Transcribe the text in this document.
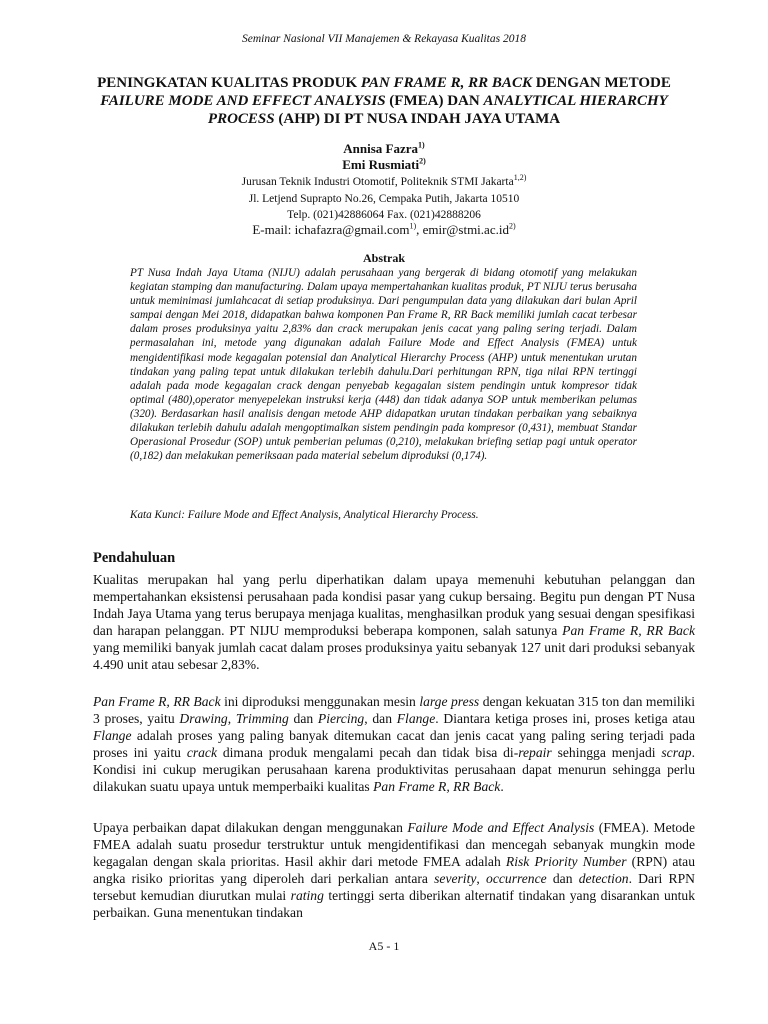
Seminar Nasional VII Manajemen & Rekayasa Kualitas 2018
PENINGKATAN KUALITAS PRODUK PAN FRAME R, RR BACK DENGAN METODE
FAILURE MODE AND EFFECT ANALYSIS (FMEA) DAN ANALYTICAL HIERARCHY
PROCESS (AHP) DI PT NUSA INDAH JAYA UTAMA
Annisa Fazra$^{1)}$
Emi Rusmiati$^{2)}$
Jurusan Teknik Industri Otomotif, Politeknik STMI Jakarta$^{1,2)}$
Jl. Letjend Suprapto No.26, Cempaka Putih, Jakarta 10510
Telp. (021)42886064 Fax. (021)42888206
E-mail: ichafazra@gmail.com$^{1)}$, $emir@stmi.ac.id^{2)}$
Abstrak

PT Nusa Indah Jaya Utama (NIJU) adalah perusahaan yang bergerak di bidang otomotif yang melakukan kegiatan stamping dan manufacturing. Dalam upaya mempertahankan kualitas produk, PT NIJU terus berusaha untuk meminimasi jumlahcacat di setiap produksinya. Dari pengumpulan data yang dilakukan dari bulan April sampai dengan Mei 2018, didapatkan bahwa komponen Pan Frame R, RR Back memiliki jumlah cacat terbesar dalam proses produksinya yaitu 2,83% dan crack merupakan jenis cacat yang paling sering terjadi. Dalam permasalahan ini, metode yang digunakan adalah Failure Mode and Effect Analysis (FMEA) untuk mengidentifikasi mode kegagalan potensial dan Analytical Hierarchy Process (AHP) untuk menentukan urutan tindakan yang paling tepat untuk dilakukan terlebih dahulu.Dari perhitungan RPN, tiga nilai RPN tertinggi adalah pada mode kegagalan crack dengan penyebab kegagalan sistem pendingin untuk kompresor tidak optimal (480),operator menyepelekan instruksi kerja (448) dan tidak adanya SOP untuk memberikan pelumas (320). Berdasarkan hasil analisis dengan metode AHP didapatkan urutan tindakan perbaikan yang sebaiknya dilakukan terlebih dahulu adalah mengoptimalkan sistem pendingin pada kompresor (0,431), membuat Standar Operasional Prosedur (SOP) untuk pemberian pelumas (0,210), melakukan briefing setiap pagi untuk operator (0,182) dan melakukan pemeriksaan pada material sebelum diproduksi (0,174).

Kata Kunci: Failure Mode and Effect Analysis, Analytical Hierarchy Process.

Pendahuluan

Kualitas merupakan hal yang perlu diperhatikan dalam upaya memenuhi kebutuhan pelanggan dan mempertahankan eksistensi perusahaan pada kondisi pasar yang cukup bersaing. Begitu pun dengan PT Nusa Indah Jaya Utama yang terus berupaya menjaga kualitas, menghasilkan produk yang sesuai dengan spesifikasi dan harapan pelanggan. PT NIJU memproduksi beberapa komponen, salah satunya Pan Frame R, RR Back yang memiliki banyak jumlah cacat dalam proses produksinya yaitu sebanyak 127 unit dari produksi sebanyak 4.490 unit atau sebesar 2,83%.

Pan Frame R, RR Back ini diproduksi menggunakan mesin large press dengan kekuatan 315 ton dan memiliki 3 proses, yaitu Drawing, Trimming dan Piercing, dan Flange. Diantara ketiga proses ini, proses ketiga atau Flange adalah proses yang paling banyak ditemukan cacat dan jenis cacat yang paling sering terjadi pada proses ini yaitu crack dimana produk mengalami pecah dan tidak bisa di-repair sehingga menjadi scrap. Kondisi ini cukup merugikan perusahaan karena produktivitas perusahaan dapat menurun sehingga perlu dilakukan suatu upaya untuk memperbaiki kualitas Pan Frame R, RR Back.

Upaya perbaikan dapat dilakukan dengan menggunakan Failure Mode and Effect Analysis (FMEA). Metode FMEA adalah suatu prosedur terstruktur untuk mengidentifikasi dan mencegah sebanyak mungkin mode kegagalan dengan skala prioritas. Hasil akhir dari metode FMEA adalah Risk Priority Number (RPN) atau angka risiko prioritas yang diperoleh dari perkalian antara severity, occurrence dan detection. Dari RPN tersebut kemudian diurutkan mulai rating tertinggi serta diberikan alternatif tindakan yang disarankan untuk perbaikan. Guna menentukan tindakan

A5 - 1
